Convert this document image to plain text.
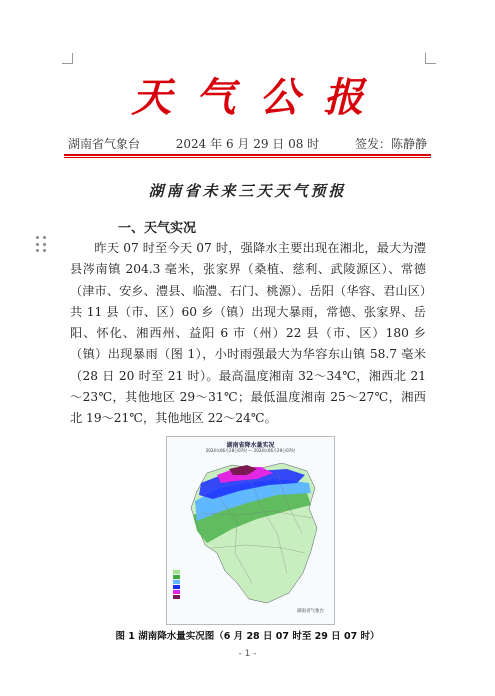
天气公报
湖南省气象台	2024 年 6 月 29 日 08 时	签发：陈静静
湖南省未来三天天气预报
一、天气实况
昨天 07 时至今天 07 时，强降水主要出现在湘北，最大为澧县涔南镇 204.3 毫米，张家界（桑植、慈利、武陵源区）、常德（津市、安乡、澧县、临澧、石门、桃源）、岳阳（华容、君山区）共 11 县（市、区）60 乡（镇）出现大暴雨，常德、张家界、岳阳、怀化、湘西州、益阳 6 市（州）22 县（市、区）180 乡（镇）出现暴雨（图 1），小时雨强最大为华容东山镇 58.7 毫米（28 日 20 时至 21 时）。最高温度湘南 32～34℃，湘西北 21～23℃，其他地区 29～31℃；最低温度湘南 25～27℃，湘西北 19～21℃，其他地区 22～24℃。
湖南省降水量实况
2024年06月28日07时 — 2024年06月29日07时
湖南省气象台
图 1 湖南降水量实况图（6 月 28 日 07 时至 29 日 07 时）
- 1 -
